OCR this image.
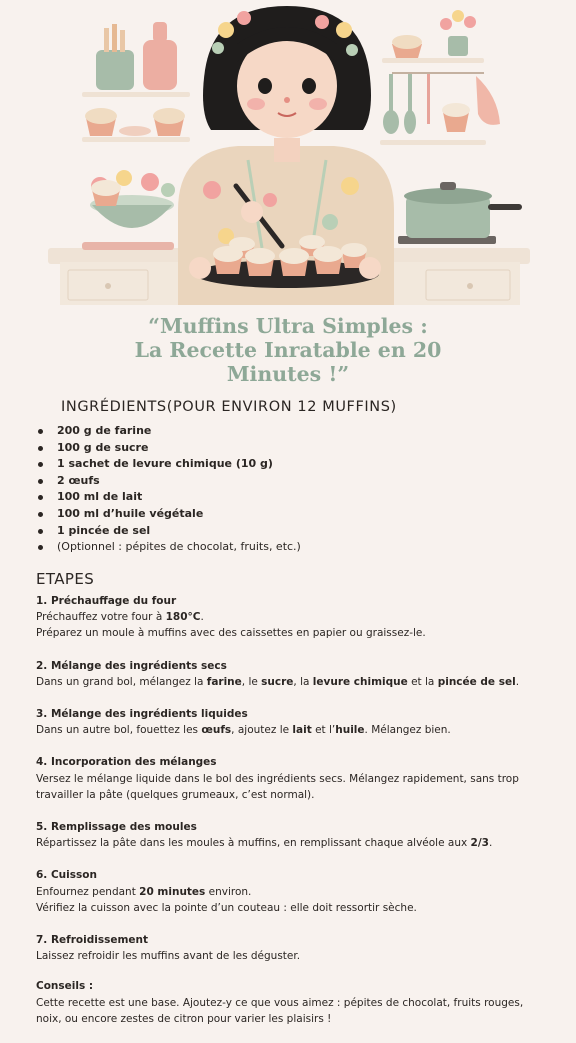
“Muffins Ultra Simples :
La Recette Inratable en 20
Minutes !”
INGRÉDIENTS(POUR ENVIRON 12 MUFFINS)
200 g de farine
100 g de sucre
1 sachet de levure chimique (10 g)
2 œufs
100 ml de lait
100 ml d’huile végétale
1 pincée de sel
(Optionnel : pépites de chocolat, fruits, etc.)
ETAPES
1. Préchauffage du four
Préchauffez votre four à 180°C.
Préparez un moule à muffins avec des caissettes en papier ou graissez-le.
2. Mélange des ingrédients secs
Dans un grand bol, mélangez la farine, le sucre, la levure chimique et la pincée de sel.
3. Mélange des ingrédients liquides
Dans un autre bol, fouettez les œufs, ajoutez le lait et l’huile. Mélangez bien.
4. Incorporation des mélanges
Versez le mélange liquide dans le bol des ingrédients secs. Mélangez rapidement, sans trop
travailler la pâte (quelques grumeaux, c’est normal).
5. Remplissage des moules
Répartissez la pâte dans les moules à muffins, en remplissant chaque alvéole aux 2/3.
6. Cuisson
Enfournez pendant 20 minutes environ.
Vérifiez la cuisson avec la pointe d’un couteau : elle doit ressortir sèche.
7. Refroidissement
Laissez refroidir les muffins avant de les déguster.
Conseils :
Cette recette est une base. Ajoutez-y ce que vous aimez : pépites de chocolat, fruits rouges,
noix, ou encore zestes de citron pour varier les plaisirs !
